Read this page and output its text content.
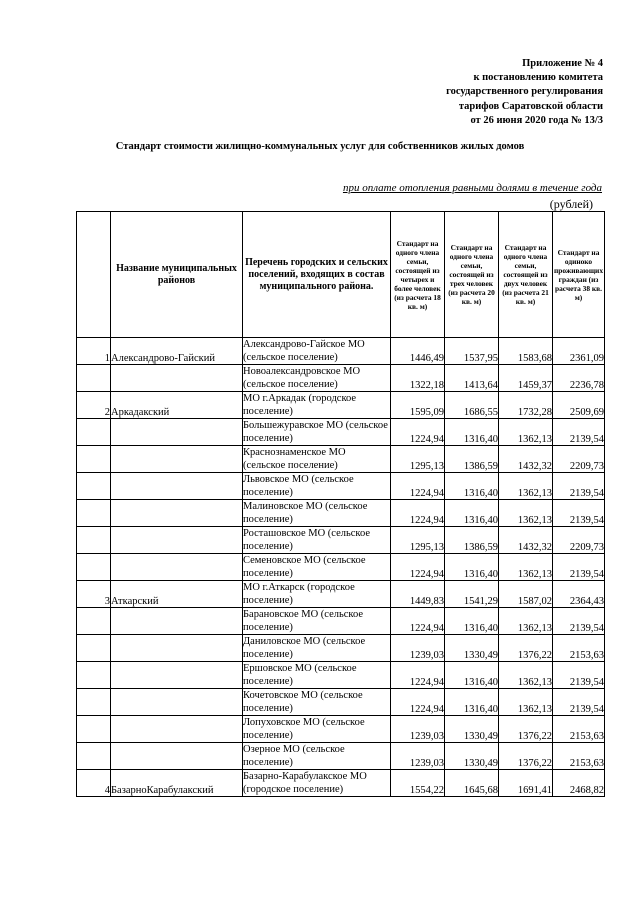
Приложение № 4
к постановлению комитета
государственного регулирования
тарифов Саратовской области
от 26 июня 2020 года № 13/3
Стандарт стоимости жилищно-коммунальных услуг для собственников жилых домов
при оплате отопления равными долями в течение года
(рублей)
	Название муниципальных районов	Перечень городских и сельских поселений, входящих в состав муниципального района.	Стандарт на одного члена семьи, состоящей из четырех и более человек (из расчета 18 кв. м)	Стандарт на одного члена семьи, состоящей из трех человек (из расчета 20 кв. м)	Стандарт на одного члена семьи, состоящей из двух человек (из расчета 21 кв. м)	Стандарт на одиноко проживающих граждан (из расчета 38 кв. м)
1	Александрово-Гайский	Александрово-Гайское МО (сельское поселение)	1446,49	1537,95	1583,68	2361,09
		Новоалександровское МО (сельское поселение)	1322,18	1413,64	1459,37	2236,78
2	Аркадакский	МО г.Аркадак (городское поселение)	1595,09	1686,55	1732,28	2509,69
		Большежуравское МО (сельское поселение)	1224,94	1316,40	1362,13	2139,54
		Краснознаменское МО (сельское поселение)	1295,13	1386,59	1432,32	2209,73
		Львовское МО (сельское поселение)	1224,94	1316,40	1362,13	2139,54
		Малиновское МО (сельское поселение)	1224,94	1316,40	1362,13	2139,54
		Росташовское МО (сельское поселение)	1295,13	1386,59	1432,32	2209,73
		Семеновское МО (сельское поселение)	1224,94	1316,40	1362,13	2139,54
3	Аткарский	МО г.Аткарск (городское поселение)	1449,83	1541,29	1587,02	2364,43
		Барановское МО (сельское поселение)	1224,94	1316,40	1362,13	2139,54
		Даниловское МО (сельское поселение)	1239,03	1330,49	1376,22	2153,63
		Ершовское МО (сельское поселение)	1224,94	1316,40	1362,13	2139,54
		Кочетовское МО (сельское поселение)	1224,94	1316,40	1362,13	2139,54
		Лопуховское МО (сельское поселение)	1239,03	1330,49	1376,22	2153,63
		Озерное МО (сельское поселение)	1239,03	1330,49	1376,22	2153,63
4	БазарноКарабулакский	Базарно-Карабулакское МО (городское поселение)	1554,22	1645,68	1691,41	2468,82
